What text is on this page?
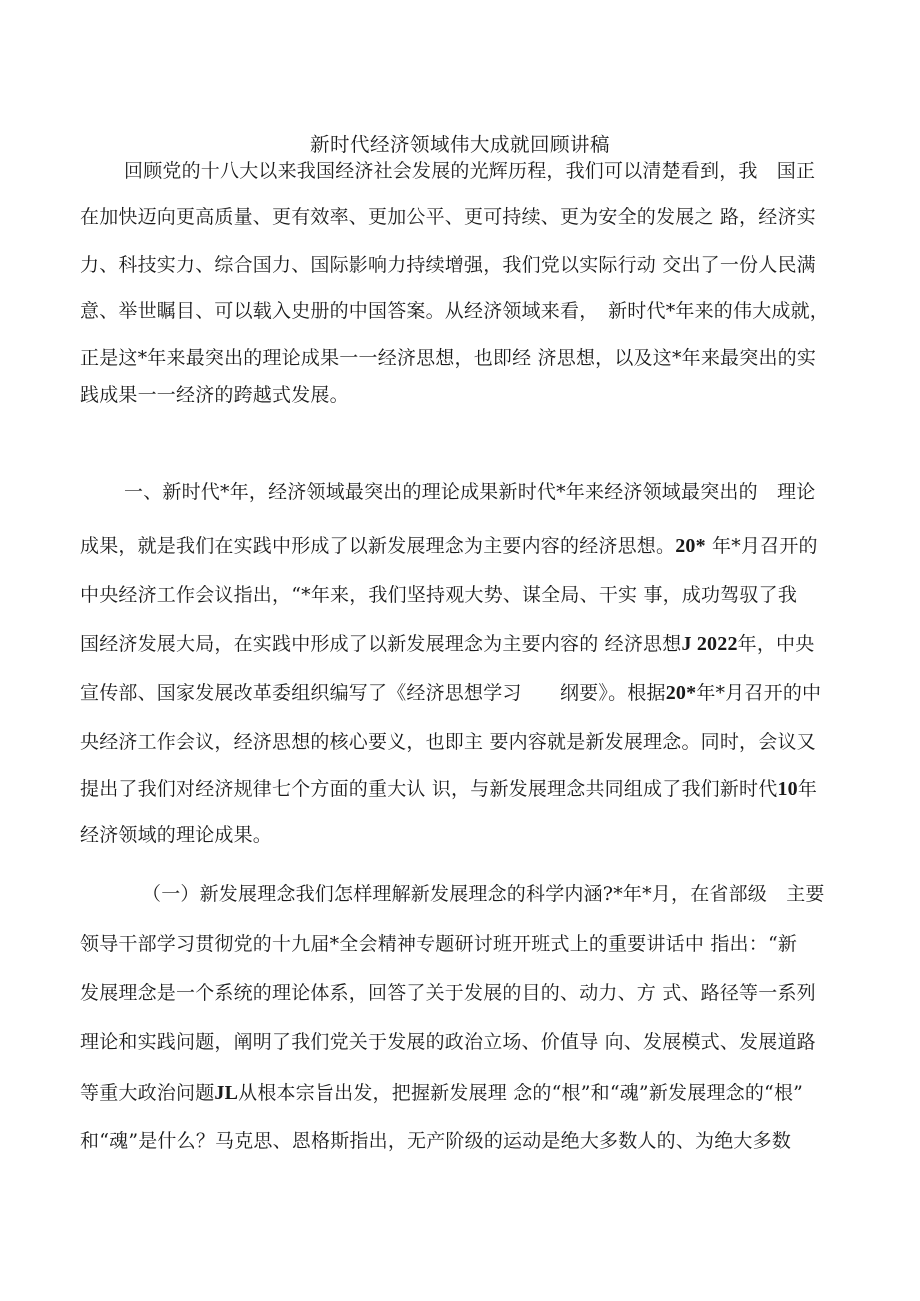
新时代经济领域伟大成就回顾讲稿
回顾党的十八大以来我国经济社会发展的光辉历程，我们可以清楚看到，我　国正
在加快迈向更高质量、更有效率、更加公平、更可持续、更为安全的发展之 路，经济实
力、科技实力、综合国力、国际影响力持续增强，我们党以实际行动 交出了一份人民满
意、举世瞩目、可以载入史册的中国答案。从经济领域来看，　新时代*年来的伟大成就，
正是这*年来最突出的理论成果一一经济思想，也即经 济思想，以及这*年来最突出的实
践成果一一经济的跨越式发展。
一、新时代*年，经济领域最突出的理论成果新时代*年来经济领域最突出的　理论
成果，就是我们在实践中形成了以新发展理念为主要内容的经济思想。20* 年*月召开的
中央经济工作会议指出，“*年来，我们坚持观大势、谋全局、干实 事，成功驾驭了我
国经济发展大局，在实践中形成了以新发展理念为主要内容的 经济思想J 2022年，中央
宣传部、国家发展改革委组织编写了《经济思想学习　　纲要》。根据20*年*月召开的中
央经济工作会议，经济思想的核心要义，也即主 要内容就是新发展理念。同时，会议又
提出了我们对经济规律七个方面的重大认 识，与新发展理念共同组成了我们新时代10年
经济领域的理论成果。
（一）新发展理念我们怎样理解新发展理念的科学内涵?*年*月，在省部级　主要
领导干部学习贯彻党的十九届*全会精神专题研讨班开班式上的重要讲话中 指出：“新
发展理念是一个系统的理论体系，回答了关于发展的目的、动力、方 式、路径等一系列
理论和实践问题，阐明了我们党关于发展的政治立场、价值导 向、发展模式、发展道路
等重大政治问题JL从根本宗旨出发，把握新发展理 念的“根”和“魂”新发展理念的“根”
和“魂”是什么？马克思、恩格斯指出，无产阶级的运动是绝大多数人的、为绝大多数
